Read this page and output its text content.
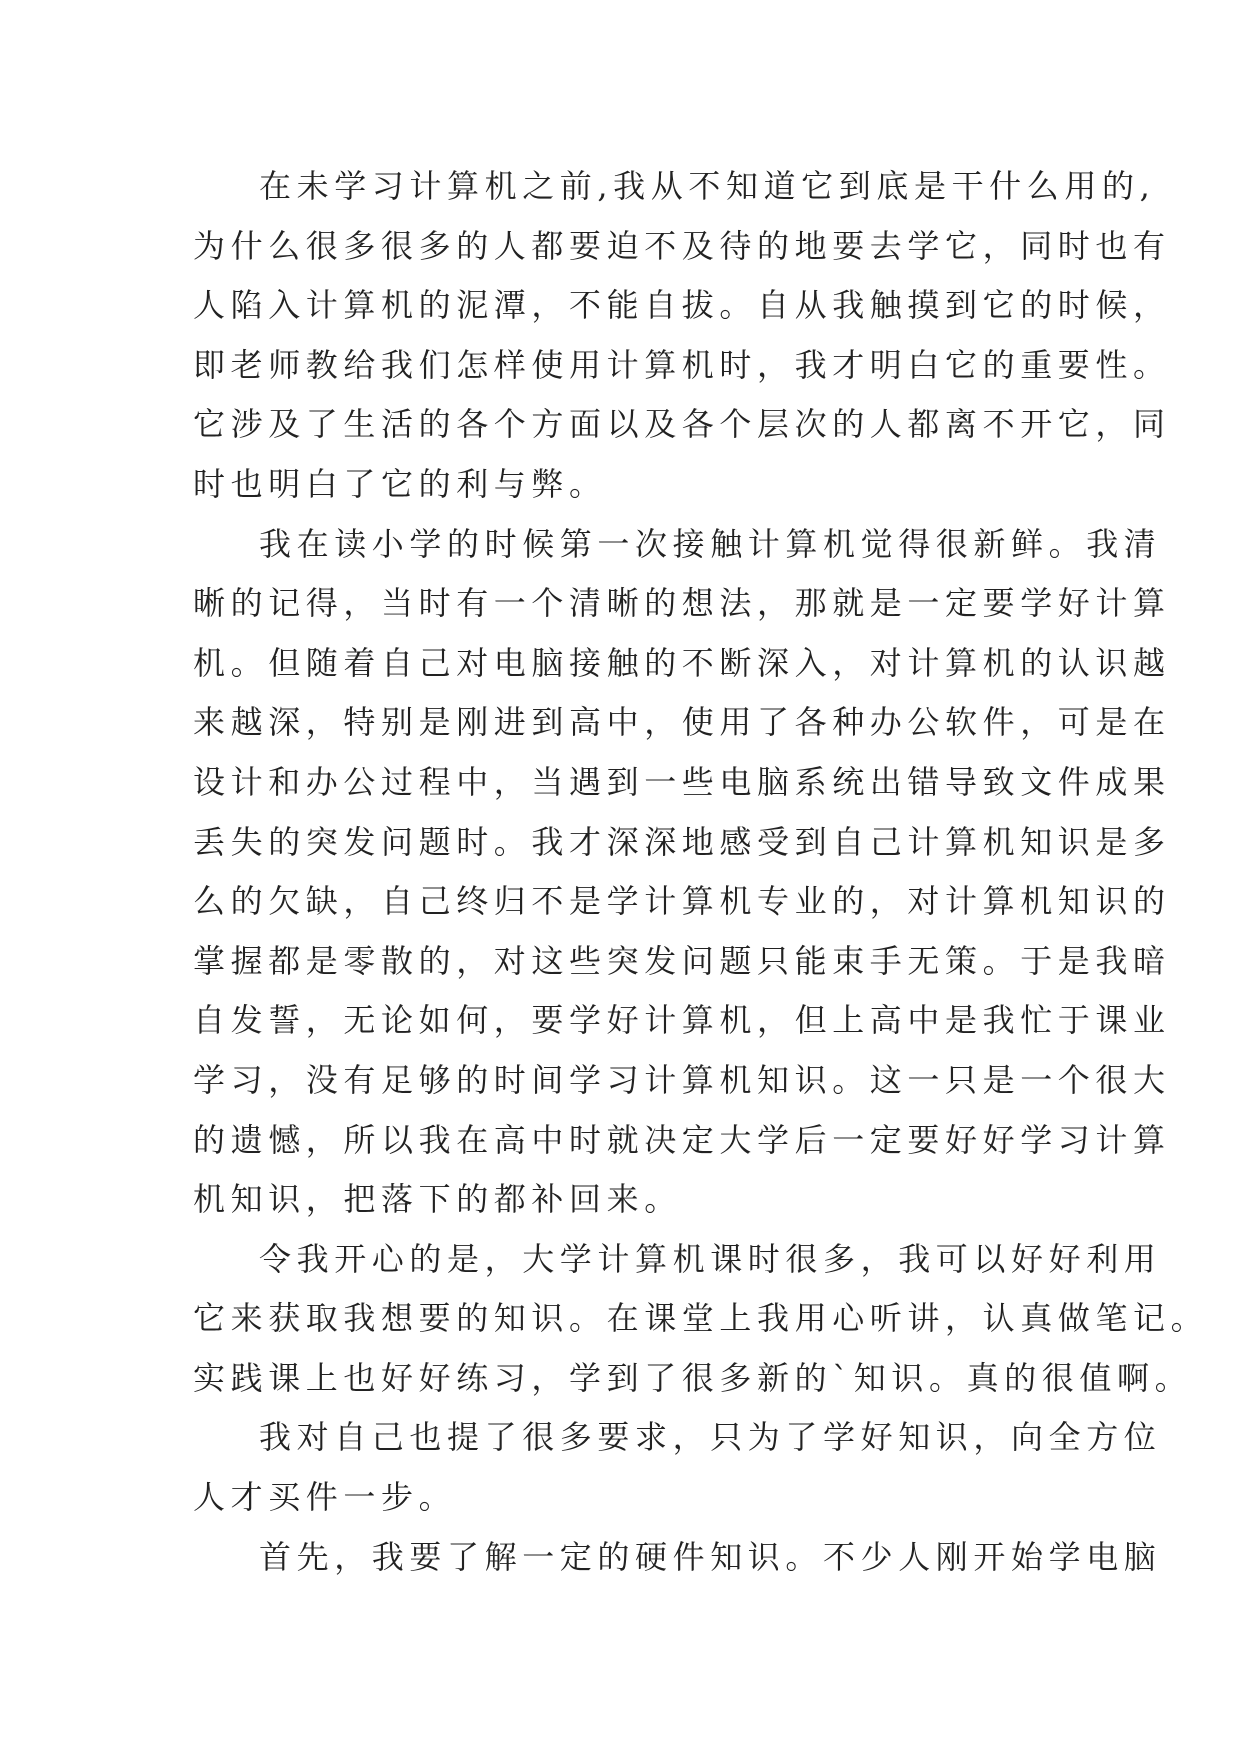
在未学习计算机之前,我从不知道它到底是干什么用的,
为什么很多很多的人都要迫不及待的地要去学它，同时也有
人陷入计算机的泥潭，不能自拔。自从我触摸到它的时候，
即老师教给我们怎样使用计算机时，我才明白它的重要性。
它涉及了生活的各个方面以及各个层次的人都离不开它，同
时也明白了它的利与弊。
我在读小学的时候第一次接触计算机觉得很新鲜。我清
晰的记得，当时有一个清晰的想法，那就是一定要学好计算
机。但随着自己对电脑接触的不断深入，对计算机的认识越
来越深，特别是刚进到高中，使用了各种办公软件，可是在
设计和办公过程中，当遇到一些电脑系统出错导致文件成果
丢失的突发问题时。我才深深地感受到自己计算机知识是多
么的欠缺，自己终归不是学计算机专业的，对计算机知识的
掌握都是零散的，对这些突发问题只能束手无策。于是我暗
自发誓，无论如何，要学好计算机，但上高中是我忙于课业
学习，没有足够的时间学习计算机知识。这一只是一个很大
的遗憾，所以我在高中时就决定大学后一定要好好学习计算
机知识，把落下的都补回来。
令我开心的是，大学计算机课时很多，我可以好好利用
它来获取我想要的知识。在课堂上我用心听讲，认真做笔记。
实践课上也好好练习，学到了很多新的`知识。真的很值啊。
我对自己也提了很多要求，只为了学好知识，向全方位
人才买件一步。
首先，我要了解一定的硬件知识。不少人刚开始学电脑
